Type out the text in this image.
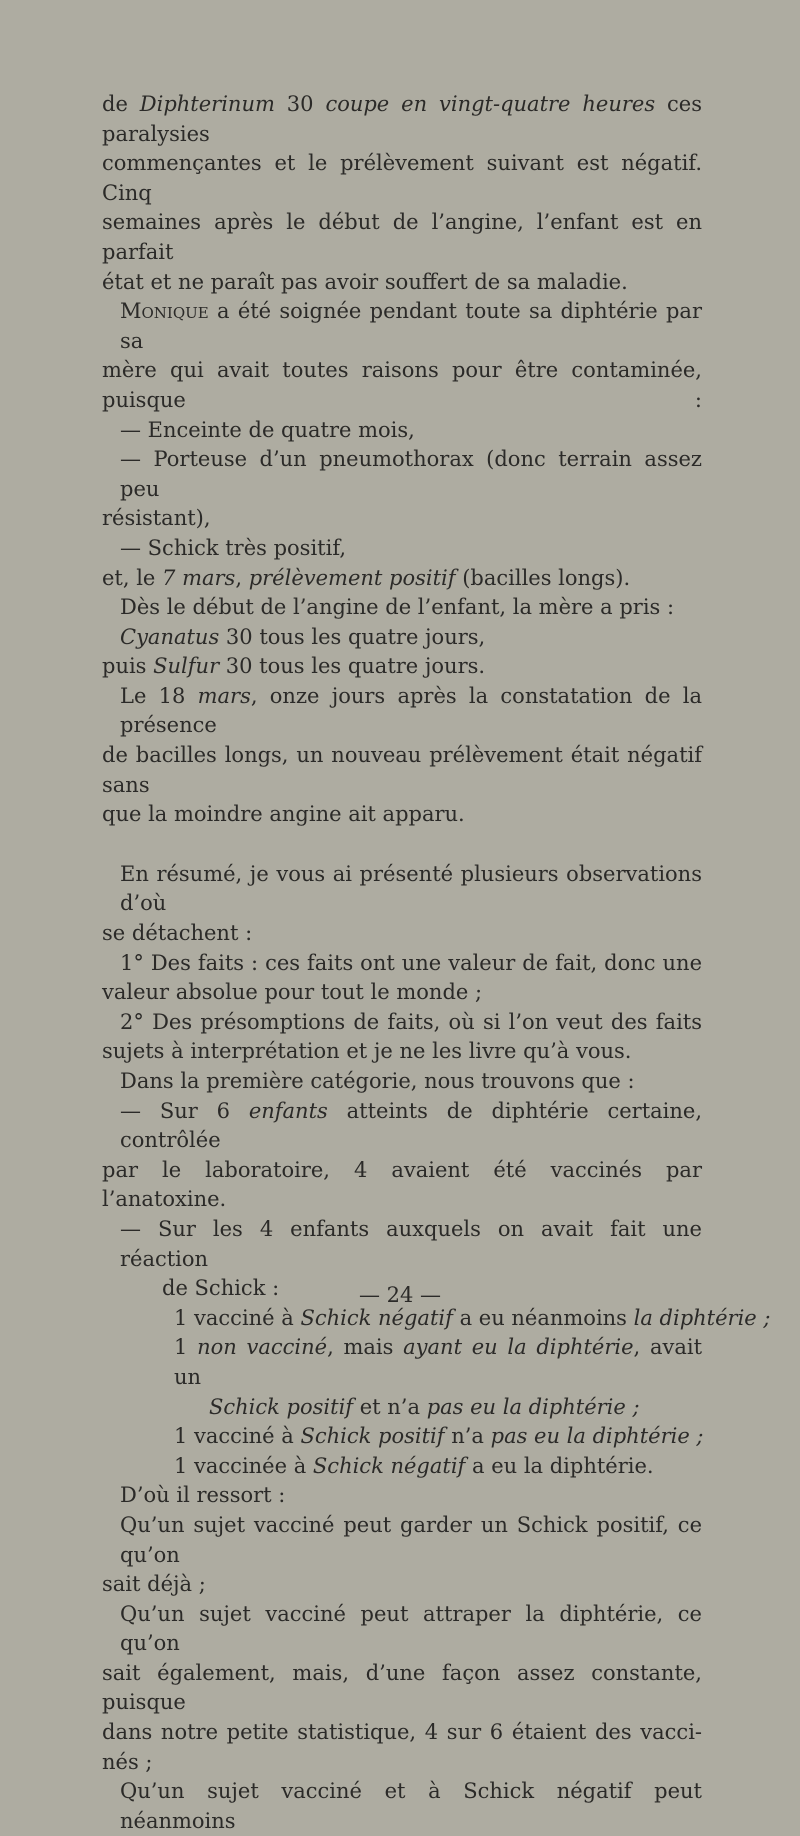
de Diphterinum 30 coupe en vingt-quatre heures ces paralysies
commençantes et le prélèvement suivant est négatif. Cinq
semaines après le début de l’angine, l’enfant est en parfait
état et ne paraît pas avoir souffert de sa maladie.
Monique a été soignée pendant toute sa diphtérie par sa
mère qui avait toutes raisons pour être contaminée, puisque :
— Enceinte de quatre mois,
— Porteuse d’un pneumothorax (donc terrain assez peu
résistant),
— Schick très positif,
et, le 7 mars, prélèvement positif (bacilles longs).
Dès le début de l’angine de l’enfant, la mère a pris :
Cyanatus 30 tous les quatre jours,
puis Sulfur 30 tous les quatre jours.
Le 18 mars, onze jours après la constatation de la présence
de bacilles longs, un nouveau prélèvement était négatif sans
que la moindre angine ait apparu.
En résumé, je vous ai présenté plusieurs observations d’où
se détachent :
1° Des faits : ces faits ont une valeur de fait, donc une
valeur absolue pour tout le monde ;
2° Des présomptions de faits, où si l’on veut des faits
sujets à interprétation et je ne les livre qu’à vous.
Dans la première catégorie, nous trouvons que :
— Sur 6 enfants atteints de diphtérie certaine, contrôlée
par le laboratoire, 4 avaient été vaccinés par l’anatoxine.
— Sur les 4 enfants auxquels on avait fait une réaction
de Schick :
1 vacciné à Schick négatif a eu néanmoins la diphtérie ;
1 non vacciné, mais ayant eu la diphtérie, avait un
Schick positif et n’a pas eu la diphtérie ;
1 vacciné à Schick positif n’a pas eu la diphtérie ;
1 vaccinée à Schick négatif a eu la diphtérie.
D’où il ressort :
Qu’un sujet vacciné peut garder un Schick positif, ce qu’on
sait déjà ;
Qu’un sujet vacciné peut attraper la diphtérie, ce qu’on
sait également, mais, d’une façon assez constante, puisque
dans notre petite statistique, 4 sur 6 étaient des vacci-
nés ;
Qu’un sujet vacciné et à Schick négatif peut néanmoins
— 24 —
